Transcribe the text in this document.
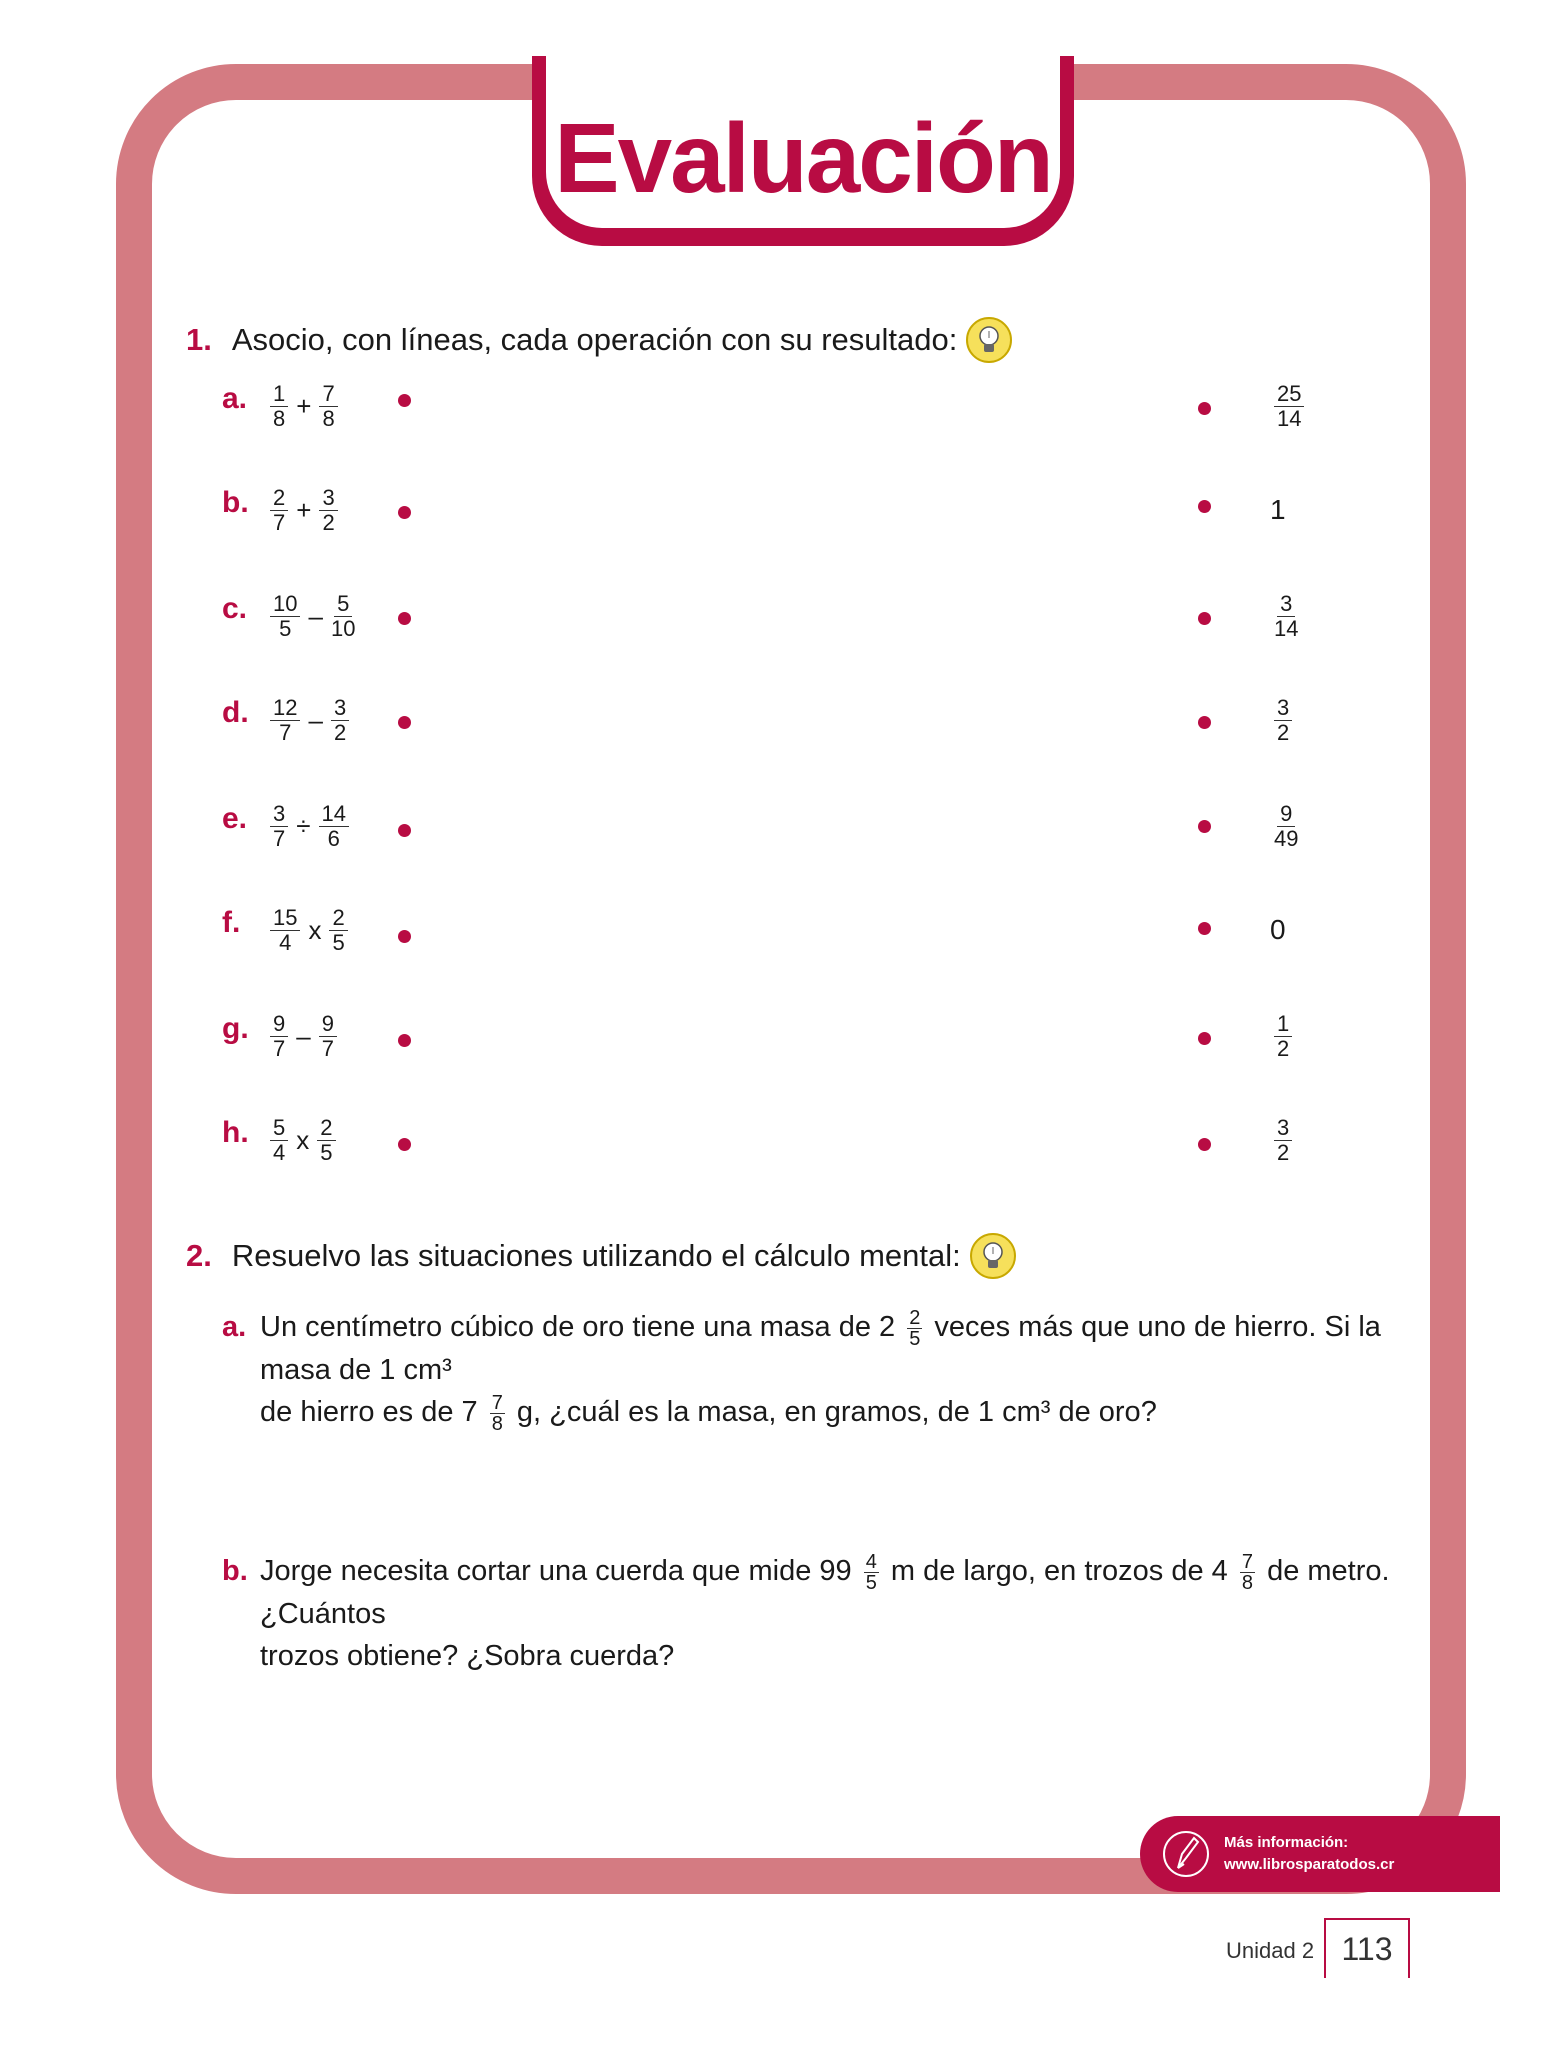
Evaluación
1. Asocio, con líneas, cada operación con su resultado:
a. $\frac{1}{8} + \frac{7}{8}$	$\frac{25}{14}$
b. $\frac{2}{7} + \frac{3}{2}$	1
c. $\frac{10}{5} - \frac{5}{10}$	$\frac{3}{14}$
d. $\frac{12}{7} - \frac{3}{2}$	$\frac{3}{2}$
e. $\frac{3}{7} \div \frac{14}{6}$	$\frac{9}{49}$
f. $\frac{15}{4}$ x $\frac{2}{5}$	0
g. $\frac{9}{7} - \frac{9}{7}$	$\frac{1}{2}$
h. $\frac{5}{4}$ x $\frac{2}{5}$	$\frac{3}{2}$
2. Resuelvo las situaciones utilizando el cálculo mental:
a. Un centímetro cúbico de oro tiene una masa de $2 \frac{2}{5}$ veces más que uno de hierro. Si la masa de 1 cm³
de hierro es de $7 \frac{7}{8} g$, ¿cuál es la masa, en gramos, de 1 cm³ de oro?
b. Jorge necesita cortar una cuerda que mide $99 \frac{4}{5}$ m de largo, en trozos de $4 \frac{7}{8}$ de metro. ¿Cuántos
trozos obtiene? ¿Sobra cuerda?
Más información:
www.librosparatodos.cr
Unidad 2 113
